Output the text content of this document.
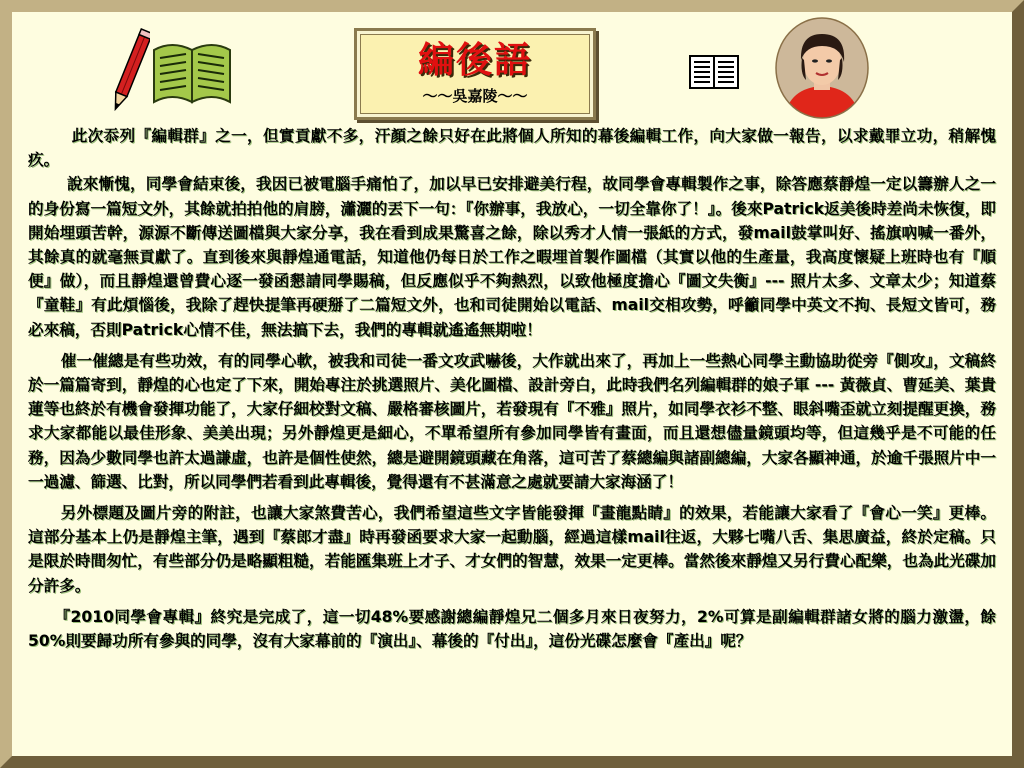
編後語
～～吳嘉陵～～

此次忝列『編輯群』之一，但實貢獻不多，汗顏之餘只好在此將個人所知的幕後編輯工作，向大家做一報告，以求戴罪立功，稍解愧疚。

說來慚愧，同學會結束後，我因已被電腦手痛怕了，加以早已安排避美行程，故同學會專輯製作之事，除答應蔡靜煌一定以籌辦人之一的身份寫一篇短文外，其餘就拍拍他的肩膀，瀟灑的丟下一句：『你辦事，我放心，一切全靠你了！』。後來Patrick返美後時差尚未恢復，即開始埋頭苦幹，源源不斷傳送圖檔與大家分享，我在看到成果驚喜之餘，除以秀才人情一張紙的方式，發mail鼓掌叫好、搖旗吶喊一番外，其餘真的就毫無貢獻了。直到後來與靜煌通電話，知道他仍每日於工作之暇埋首製作圖檔（其實以他的生產量，我高度懷疑上班時也有『順便』做），而且靜煌還曾費心逐一發函懇請同學賜稿，但反應似乎不夠熱烈，以致他極度擔心『圖文失衡』--- 照片太多、文章太少；知道蔡『童鞋』有此煩惱後，我除了趕快提筆再硬掰了二篇短文外，也和司徒開始以電話、mail交相攻勢，呼籲同學中英文不拘、長短文皆可，務必來稿，否則Patrick心情不佳，無法搞下去，我們的專輯就遙遙無期啦！

催一催總是有些功效，有的同學心軟，被我和司徒一番文攻武嚇後，大作就出來了，再加上一些熱心同學主動協助從旁『側攻』，文稿終於一篇篇寄到，靜煌的心也定了下來，開始專注於挑選照片、美化圖檔、設計旁白，此時我們名列編輯群的娘子軍 --- 黃薇貞、曹延美、葉貴蓮等也終於有機會發揮功能了，大家仔細校對文稿、嚴格審核圖片，若發現有『不雅』照片，如同學衣衫不整、眼斜嘴歪就立刻提醒更換，務求大家都能以最佳形象、美美出現；另外靜煌更是細心，不單希望所有參加同學皆有畫面，而且還想儘量鏡頭均等，但這幾乎是不可能的任務，因為少數同學也許太過謙虛，也許是個性使然，總是避開鏡頭藏在角落，這可苦了蔡總編與諸副總編，大家各顯神通，於逾千張照片中一一過濾、篩選、比對，所以同學們若看到此專輯後，覺得還有不甚滿意之處就要請大家海涵了！

另外標題及圖片旁的附註，也讓大家煞費苦心，我們希望這些文字皆能發揮『畫龍點睛』的效果，若能讓大家看了『會心一笑』更棒。這部分基本上仍是靜煌主筆，遇到『蔡郎才盡』時再發函要求大家一起動腦，經過這樣mail往返，大夥七嘴八舌、集思廣益，終於定稿。只是限於時間匆忙，有些部分仍是略顯粗糙，若能匯集班上才子、才女們的智慧，效果一定更棒。當然後來靜煌又另行費心配樂，也為此光碟加分許多。

『2010同學會專輯』終究是完成了，這一切48%要感謝總編靜煌兄二個多月來日夜努力，2%可算是副編輯群諸女將的腦力激盪，餘50%則要歸功所有參與的同學，沒有大家幕前的『演出』、幕後的『付出』，這份光碟怎麼會『產出』呢？
